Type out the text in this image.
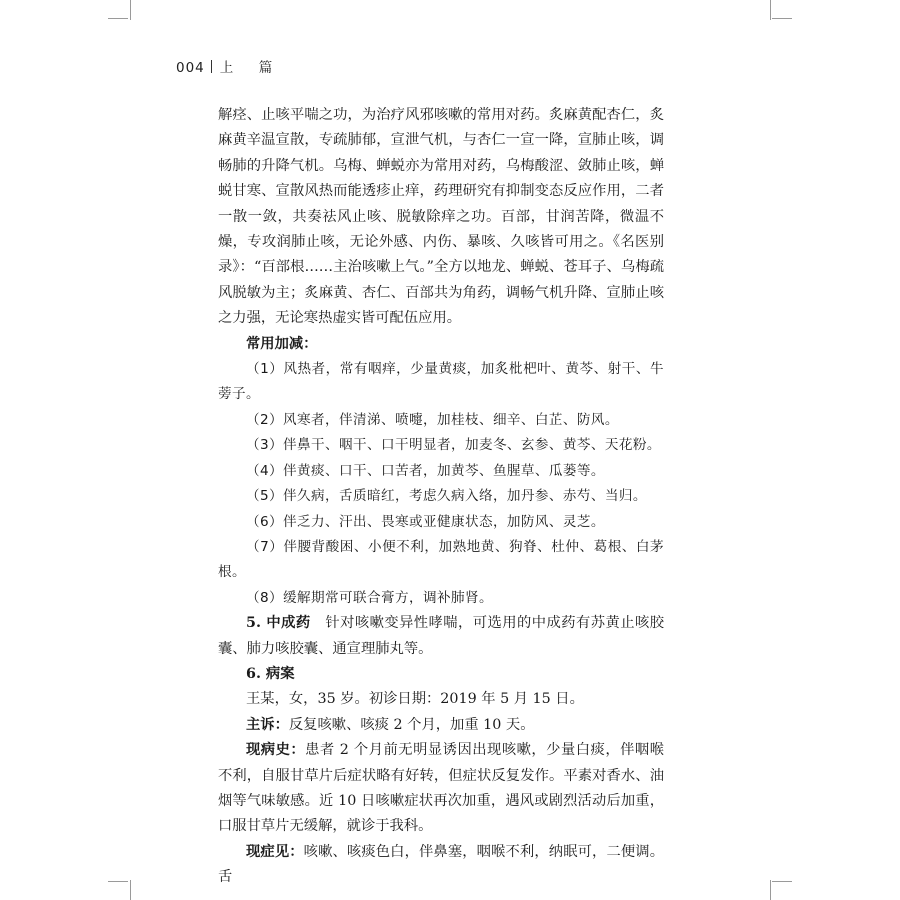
004 上　篇

解痉、止咳平喘之功，为治疗风邪咳嗽的常用对药。炙麻黄配杏仁，炙麻黄辛温宣散，专疏肺郁，宣泄气机，与杏仁一宣一降，宣肺止咳，调畅肺的升降气机。乌梅、蝉蜕亦为常用对药，乌梅酸涩、敛肺止咳，蝉蜕甘寒、宣散风热而能透疹止痒，药理研究有抑制变态反应作用，二者一散一敛，共奏祛风止咳、脱敏除痒之功。百部，甘润苦降，微温不燥，专攻润肺止咳，无论外感、内伤、暴咳、久咳皆可用之。《名医别录》：“百部根……主治咳嗽上气。”全方以地龙、蝉蜕、苍耳子、乌梅疏风脱敏为主；炙麻黄、杏仁、百部共为角药，调畅气机升降、宣肺止咳之力强，无论寒热虚实皆可配伍应用。

常用加减：

（1）风热者，常有咽痒，少量黄痰，加炙枇杷叶、黄芩、射干、牛蒡子。

（2）风寒者，伴清涕、喷嚏，加桂枝、细辛、白芷、防风。

（3）伴鼻干、咽干、口干明显者，加麦冬、玄参、黄芩、天花粉。

（4）伴黄痰、口干、口苦者，加黄芩、鱼腥草、瓜蒌等。

（5）伴久病，舌质暗红，考虑久病入络，加丹参、赤芍、当归。

（6）伴乏力、汗出、畏寒或亚健康状态，加防风、灵芝。

（7）伴腰背酸困、小便不利，加熟地黄、狗脊、杜仲、葛根、白茅根。

（8）缓解期常可联合膏方，调补肺肾。

5. 中成药　 针对咳嗽变异性哮喘，可选用的中成药有苏黄止咳胶囊、肺力咳胶囊、通宣理肺丸等。

6. 病案

王某，女，35 岁。初诊日期：2019 年 5 月 15 日。

主诉：反复咳嗽、咳痰 2 个月，加重 10 天。

现病史：患者 2 个月前无明显诱因出现咳嗽，少量白痰，伴咽喉不利，自服甘草片后症状略有好转，但症状反复发作。平素对香水、油烟等气味敏感。近 10 日咳嗽症状再次加重，遇风或剧烈活动后加重，口服甘草片无缓解，就诊于我科。

现症见：咳嗽、咳痰色白，伴鼻塞，咽喉不利，纳眠可，二便调。舌
